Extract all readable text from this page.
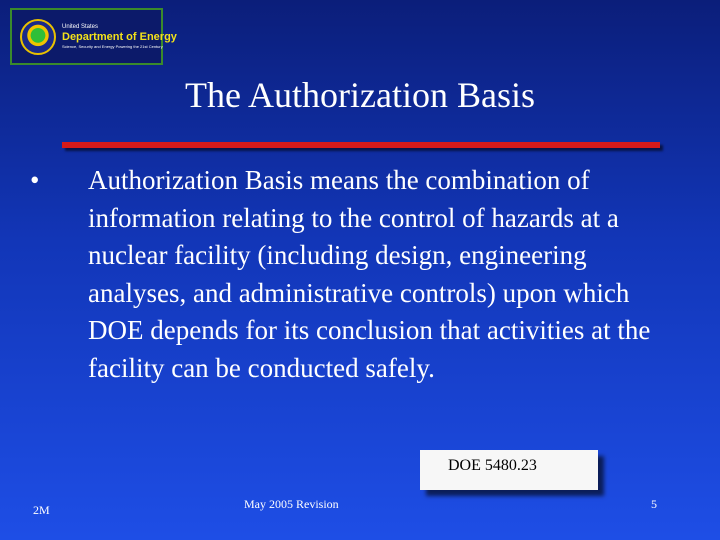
United States
Department of Energy
Science, Security and Energy Powering the 21st Century
The Authorization Basis
•	Authorization Basis means the combination of information relating to the control of hazards at a nuclear facility (including design, engineering analyses, and administrative controls) upon which DOE depends for its conclusion that activities at the facility can be conducted safely.
DOE 5480.23
2M	May 2005 Revision	5
